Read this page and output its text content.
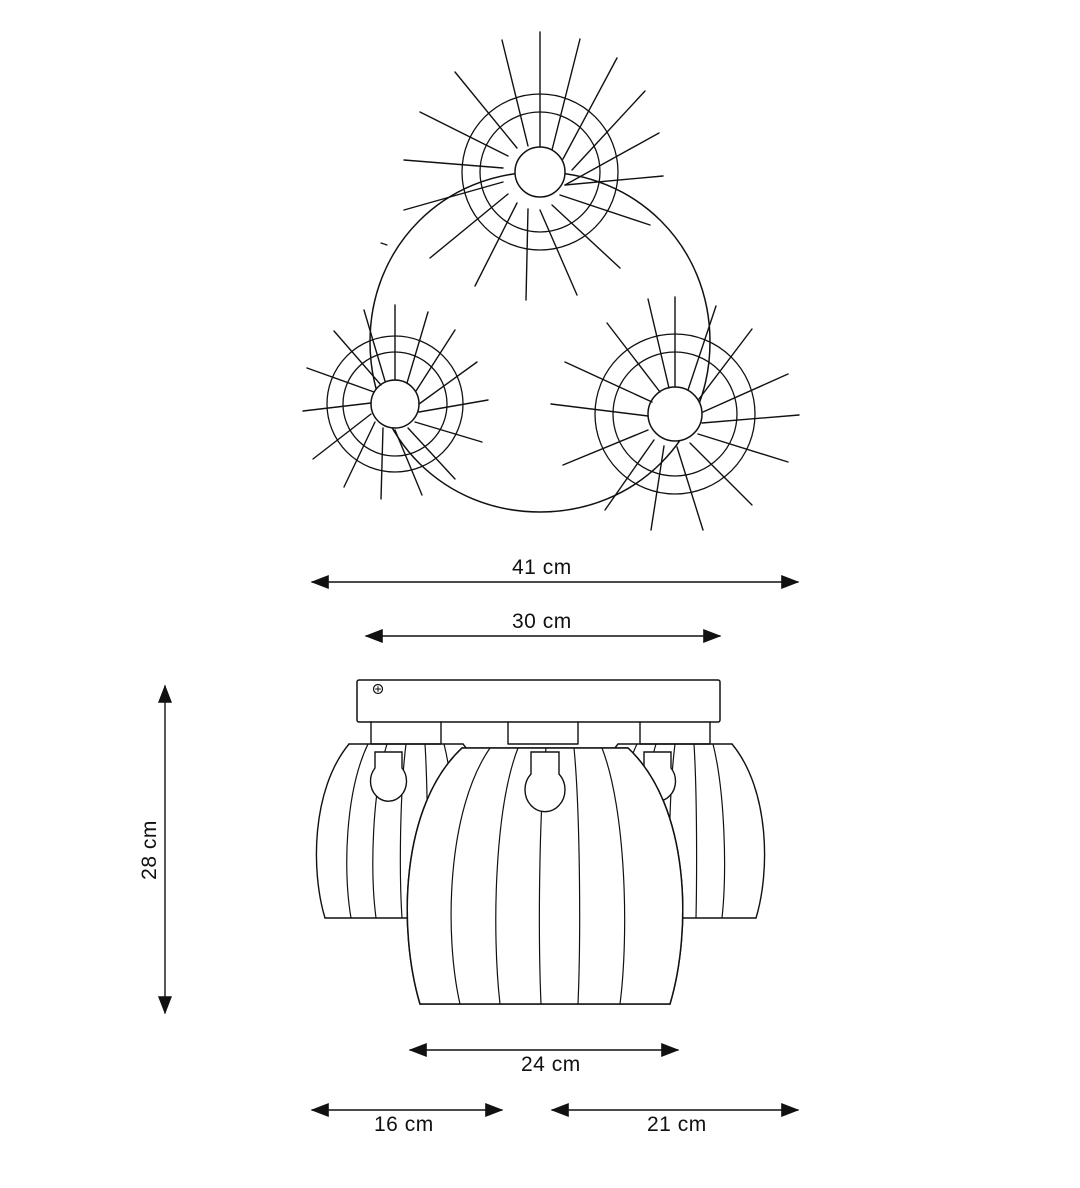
41 cm
30 cm
28 cm
24 cm
16 cm	21 cm
